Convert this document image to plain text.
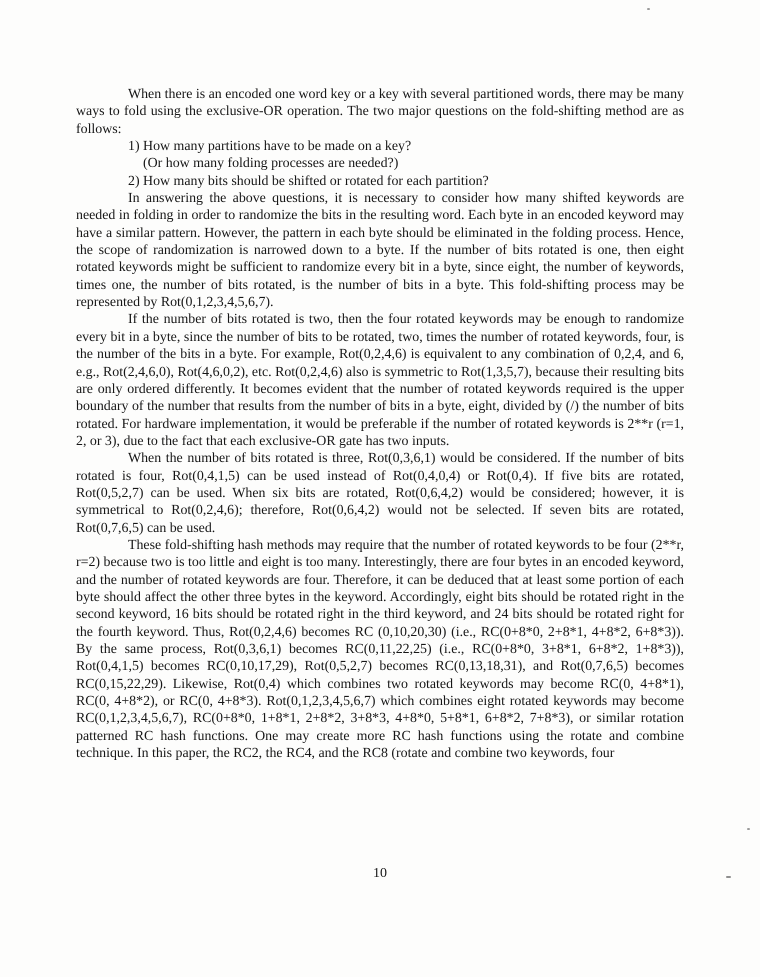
When there is an encoded one word key or a key with several partitioned words, there may be many ways to fold using the exclusive-OR operation. The two major questions on the fold-shifting method are as follows:

1) How many partitions have to be made on a key?

(Or how many folding processes are needed?)

2) How many bits should be shifted or rotated for each partition?

In answering the above questions, it is necessary to consider how many shifted keywords are needed in folding in order to randomize the bits in the resulting word. Each byte in an encoded keyword may have a similar pattern. However, the pattern in each byte should be eliminated in the folding process. Hence, the scope of randomization is narrowed down to a byte. If the number of bits rotated is one, then eight rotated keywords might be sufficient to randomize every bit in a byte, since eight, the number of keywords, times one, the number of bits rotated, is the number of bits in a byte. This fold-shifting process may be represented by Rot(0,1,2,3,4,5,6,7).

If the number of bits rotated is two, then the four rotated keywords may be enough to randomize every bit in a byte, since the number of bits to be rotated, two, times the number of rotated keywords, four, is the number of the bits in a byte. For example, Rot(0,2,4,6) is equivalent to any combination of 0,2,4, and 6, e.g., Rot(2,4,6,0), Rot(4,6,0,2), etc. Rot(0,2,4,6) also is symmetric to Rot(1,3,5,7), because their resulting bits are only ordered differently. It becomes evident that the number of rotated keywords required is the upper boundary of the number that results from the number of bits in a byte, eight, divided by (/) the number of bits rotated. For hardware implementation, it would be preferable if the number of rotated keywords is 2**r (r=1, 2, or 3), due to the fact that each exclusive-OR gate has two inputs.

When the number of bits rotated is three, Rot(0,3,6,1) would be considered. If the number of bits rotated is four, Rot(0,4,1,5) can be used instead of Rot(0,4,0,4) or Rot(0,4). If five bits are rotated, Rot(0,5,2,7) can be used. When six bits are rotated, Rot(0,6,4,2) would be considered; however, it is symmetrical to Rot(0,2,4,6); therefore, Rot(0,6,4,2) would not be selected. If seven bits are rotated, Rot(0,7,6,5) can be used.

These fold-shifting hash methods may require that the number of rotated keywords to be four (2**r, r=2) because two is too little and eight is too many. Interestingly, there are four bytes in an encoded keyword, and the number of rotated keywords are four. Therefore, it can be deduced that at least some portion of each byte should affect the other three bytes in the keyword. Accordingly, eight bits should be rotated right in the second keyword, 16 bits should be rotated right in the third keyword, and 24 bits should be rotated right for the fourth keyword. Thus, Rot(0,2,4,6) becomes RC (0,10,20,30) (i.e., RC(0+8*0, 2+8*1, 4+8*2, 6+8*3)). By the same process, Rot(0,3,6,1) becomes RC(0,11,22,25) (i.e., RC(0+8*0, 3+8*1, 6+8*2, 1+8*3)), Rot(0,4,1,5) becomes RC(0,10,17,29), Rot(0,5,2,7) becomes RC(0,13,18,31), and Rot(0,7,6,5) becomes RC(0,15,22,29). Likewise, Rot(0,4) which combines two rotated keywords may become RC(0, 4+8*1), RC(0, 4+8*2), or RC(0, 4+8*3). Rot(0,1,2,3,4,5,6,7) which combines eight rotated keywords may become RC(0,1,2,3,4,5,6,7), RC(0+8*0, 1+8*1, 2+8*2, 3+8*3, 4+8*0, 5+8*1, 6+8*2, 7+8*3), or similar rotation patterned RC hash functions. One may create more RC hash functions using the rotate and combine technique. In this paper, the RC2, the RC4, and the RC8 (rotate and combine two keywords, four

10
